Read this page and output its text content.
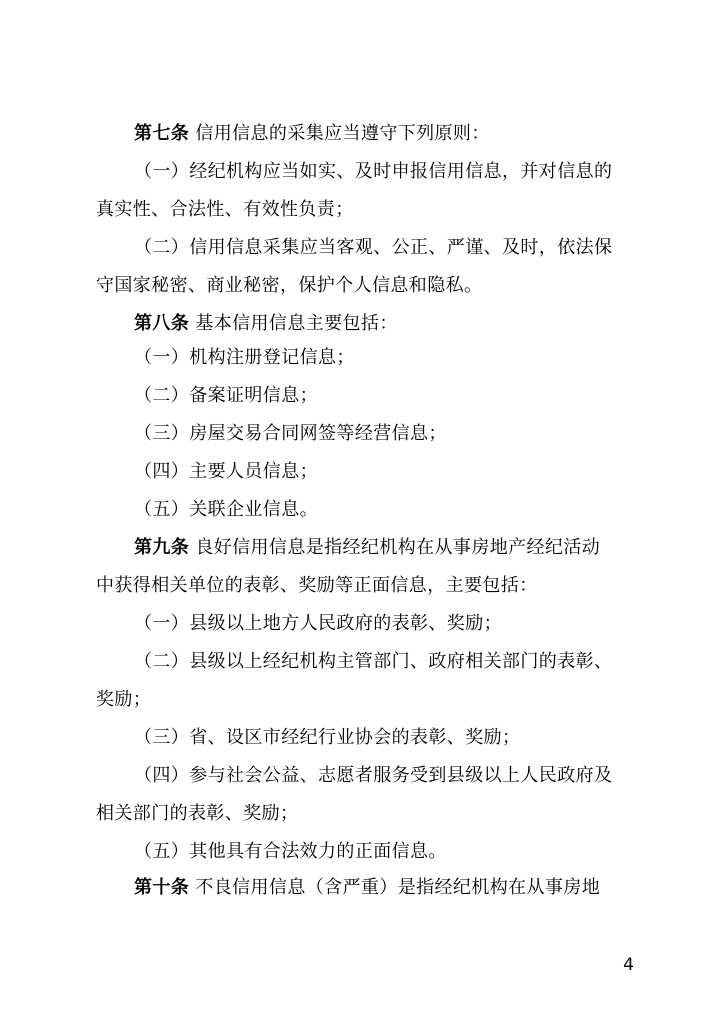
第七条 信用信息的采集应当遵守下列原则：
（一）经纪机构应当如实、及时申报信用信息，并对信息的
真实性、合法性、有效性负责；
（二）信用信息采集应当客观、公正、严谨、及时，依法保
守国家秘密、商业秘密，保护个人信息和隐私。
第八条 基本信用信息主要包括：
（一）机构注册登记信息；
（二）备案证明信息；
（三）房屋交易合同网签等经营信息；
（四）主要人员信息；
（五）关联企业信息。
第九条 良好信用信息是指经纪机构在从事房地产经纪活动
中获得相关单位的表彰、奖励等正面信息，主要包括：
（一）县级以上地方人民政府的表彰、奖励；
（二）县级以上经纪机构主管部门、政府相关部门的表彰、
奖励；
（三）省、设区市经纪行业协会的表彰、奖励；
（四）参与社会公益、志愿者服务受到县级以上人民政府及
相关部门的表彰、奖励；
（五）其他具有合法效力的正面信息。
第十条 不良信用信息（含严重）是指经纪机构在从事房地
4
